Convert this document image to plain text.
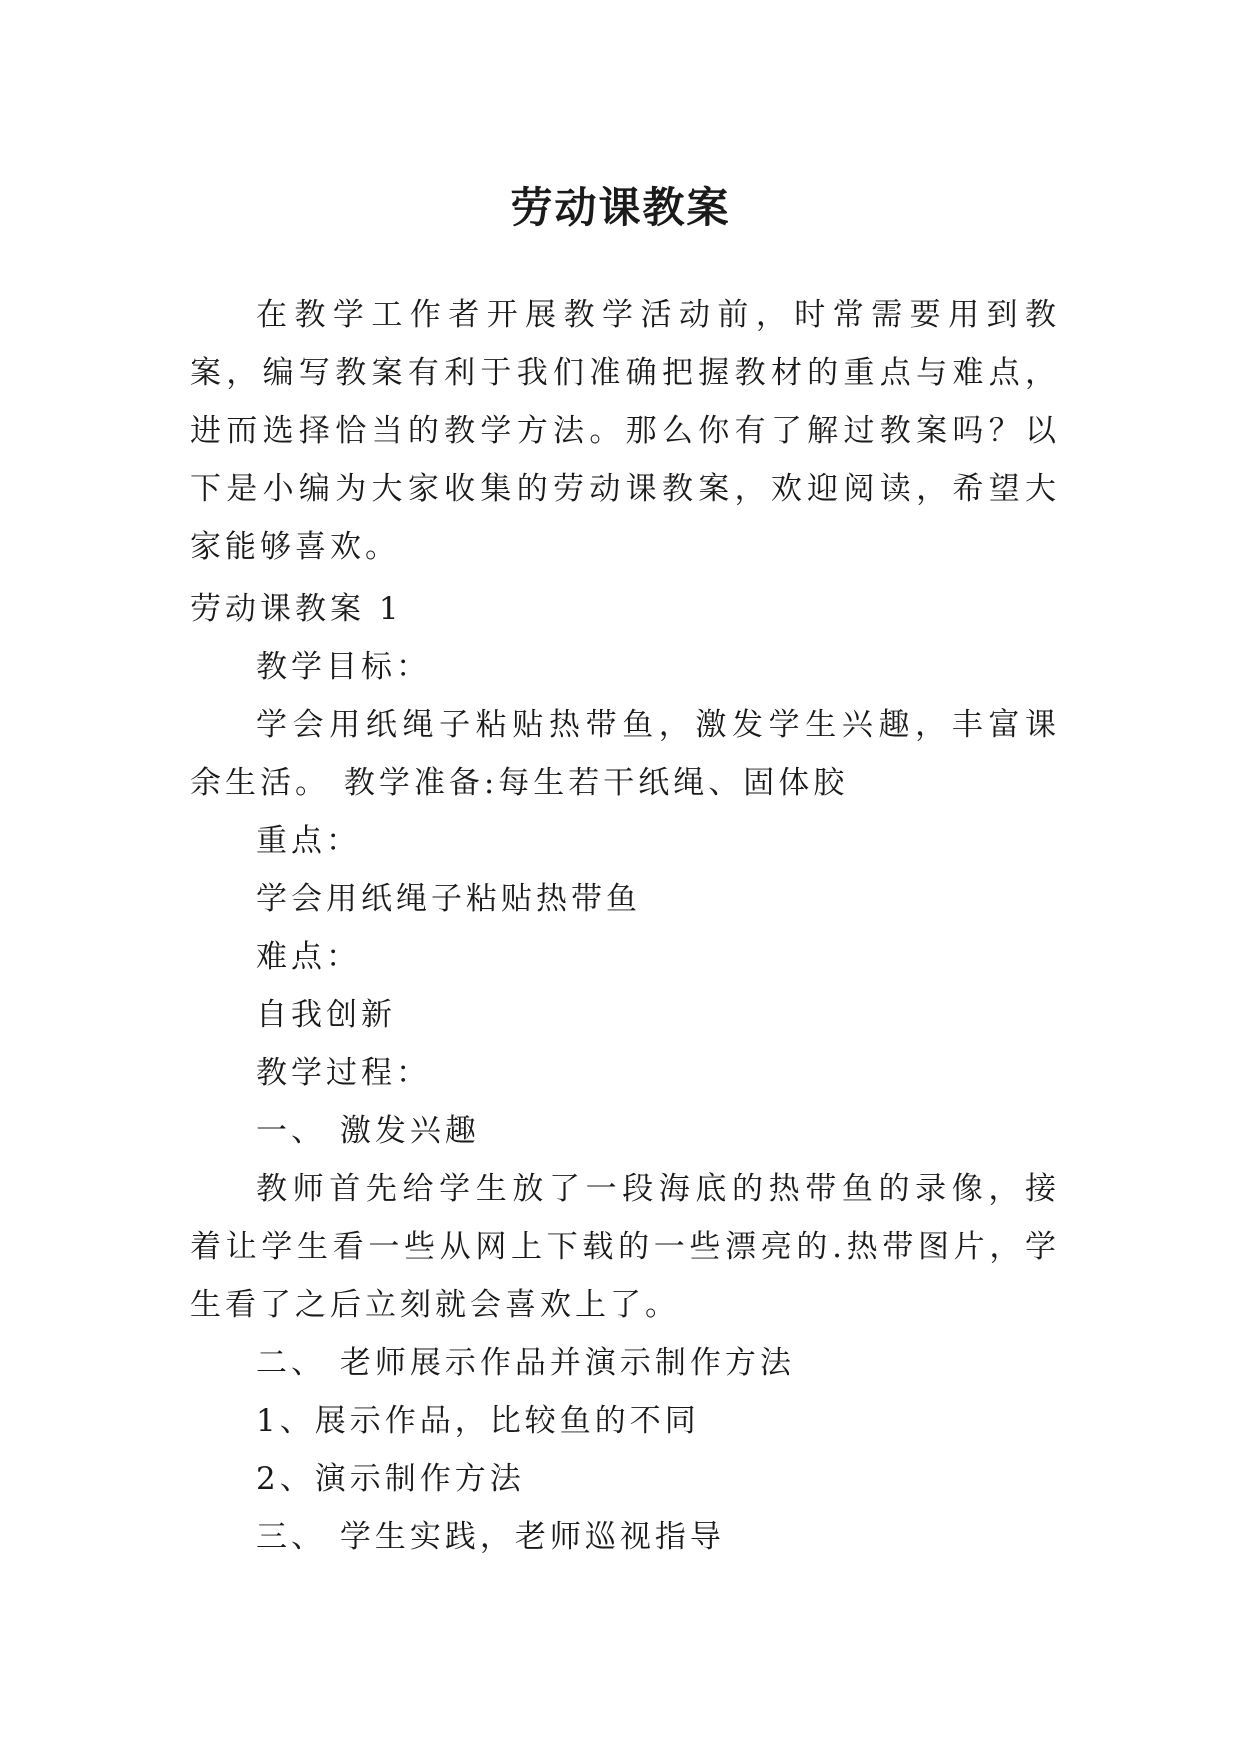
劳动课教案

在教学工作者开展教学活动前，时常需要用到教案，编写教案有利于我们准确把握教材的重点与难点，进而选择恰当的教学方法。那么你有了解过教案吗？以下是小编为大家收集的劳动课教案，欢迎阅读，希望大家能够喜欢。

劳动课教案 1

教学目标：

学会用纸绳子粘贴热带鱼，激发学生兴趣，丰富课余生活。 教学准备:每生若干纸绳、固体胶

重点：

学会用纸绳子粘贴热带鱼

难点：

自我创新

教学过程：

一、 激发兴趣

教师首先给学生放了一段海底的热带鱼的录像，接着让学生看一些从网上下载的一些漂亮的.热带图片，学生看了之后立刻就会喜欢上了。

二、 老师展示作品并演示制作方法

1、展示作品，比较鱼的不同

2、演示制作方法

三、 学生实践，老师巡视指导
